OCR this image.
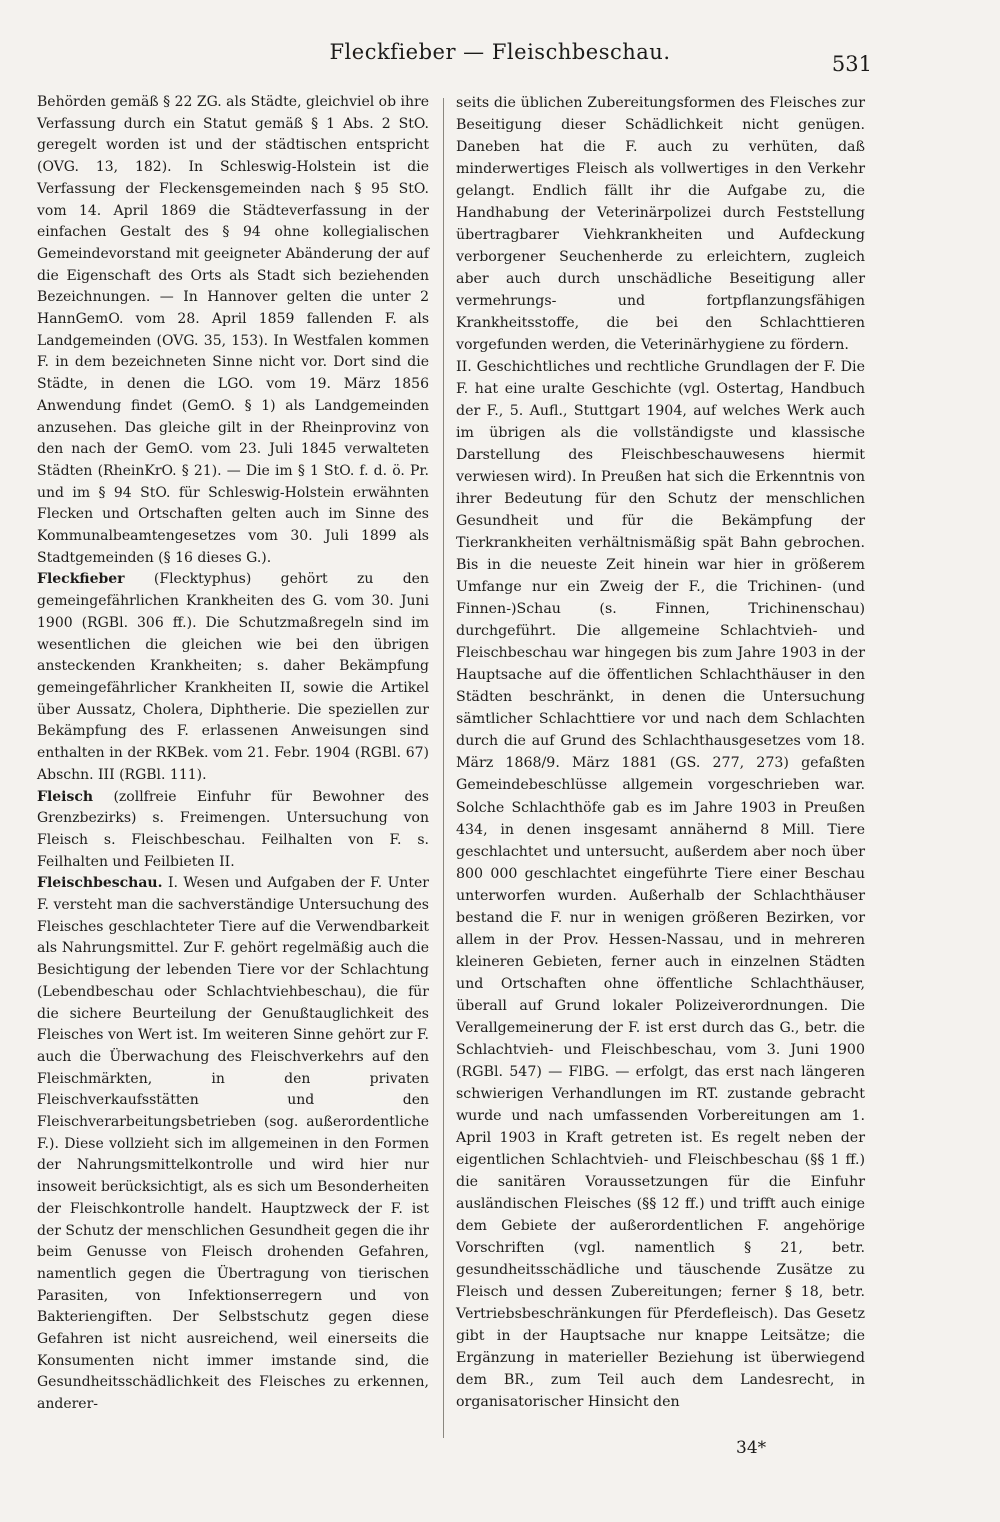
Fleckfieber — Fleischbeschau.	531

Behörden gemäß § 22 ZG. als Städte, gleichviel ob ihre Verfassung durch ein Statut gemäß § 1 Abs. 2 StO. geregelt worden ist und der städtischen entspricht (OVG. 13, 182). In Schleswig-Holstein ist die Verfassung der Fleckensgemeinden nach § 95 StO. vom 14. April 1869 die Städteverfassung in der einfachen Gestalt des § 94 ohne kollegialischen Gemeindevorstand mit geeigneter Abänderung der auf die Eigenschaft des Orts als Stadt sich beziehenden Bezeichnungen. — In Hannover gelten die unter 2 HannGemO. vom 28. April 1859 fallenden F. als Landgemeinden (OVG. 35, 153). In Westfalen kommen F. in dem bezeichneten Sinne nicht vor. Dort sind die Städte, in denen die LGO. vom 19. März 1856 Anwendung findet (GemO. § 1) als Landgemeinden anzusehen. Das gleiche gilt in der Rheinprovinz von den nach der GemO. vom 23. Juli 1845 verwalteten Städten (RheinKrO. § 21). — Die im § 1 StO. f. d. ö. Pr. und im § 94 StO. für Schleswig-Holstein erwähnten Flecken und Ortschaften gelten auch im Sinne des Kommunalbeamtengesetzes vom 30. Juli 1899 als Stadtgemeinden (§ 16 dieses G.).

Fleckfieber (Flecktyphus) gehört zu den gemeingefährlichen Krankheiten des G. vom 30. Juni 1900 (RGBl. 306 ff.). Die Schutzmaßregeln sind im wesentlichen die gleichen wie bei den übrigen ansteckenden Krankheiten; s. daher Bekämpfung gemeingefährlicher Krankheiten II, sowie die Artikel über Aussatz, Cholera, Diphtherie. Die speziellen zur Bekämpfung des F. erlassenen Anweisungen sind enthalten in der RKBek. vom 21. Febr. 1904 (RGBl. 67) Abschn. III (RGBl. 111).

Fleisch (zollfreie Einfuhr für Bewohner des Grenzbezirks) s. Freimengen. Untersuchung von Fleisch s. Fleischbeschau. Feilhalten von F. s. Feilhalten und Feilbieten II.

Fleischbeschau. I. Wesen und Aufgaben der F. Unter F. versteht man die sachverständige Untersuchung des Fleisches geschlachteter Tiere auf die Verwendbarkeit als Nahrungsmittel. Zur F. gehört regelmäßig auch die Besichtigung der lebenden Tiere vor der Schlachtung (Lebendbeschau oder Schlachtviehbeschau), die für die sichere Beurteilung der Genußtauglichkeit des Fleisches von Wert ist. Im weiteren Sinne gehört zur F. auch die Überwachung des Fleischverkehrs auf den Fleischmärkten, in den privaten Fleischverkaufsstätten und den Fleischverarbeitungsbetrieben (sog. außerordentliche F.). Diese vollzieht sich im allgemeinen in den Formen der Nahrungsmittelkontrolle und wird hier nur insoweit berücksichtigt, als es sich um Besonderheiten der Fleischkontrolle handelt. Hauptzweck der F. ist der Schutz der menschlichen Gesundheit gegen die ihr beim Genusse von Fleisch drohenden Gefahren, namentlich gegen die Übertragung von tierischen Parasiten, von Infektionserregern und von Bakteriengiften. Der Selbstschutz gegen diese Gefahren ist nicht ausreichend, weil einerseits die Konsumenten nicht immer imstande sind, die Gesundheitsschädlichkeit des Fleisches zu erkennen, anderer-

seits die üblichen Zubereitungsformen des Fleisches zur Beseitigung dieser Schädlichkeit nicht genügen. Daneben hat die F. auch zu verhüten, daß minderwertiges Fleisch als vollwertiges in den Verkehr gelangt. Endlich fällt ihr die Aufgabe zu, die Handhabung der Veterinärpolizei durch Feststellung übertragbarer Viehkrankheiten und Aufdeckung verborgener Seuchenherde zu erleichtern, zugleich aber auch durch unschädliche Beseitigung aller vermehrungs- und fortpflanzungsfähigen Krankheitsstoffe, die bei den Schlachttieren vorgefunden werden, die Veterinärhygiene zu fördern.

II. Geschichtliches und rechtliche Grundlagen der F. Die F. hat eine uralte Geschichte (vgl. Ostertag, Handbuch der F., 5. Aufl., Stuttgart 1904, auf welches Werk auch im übrigen als die vollständigste und klassische Darstellung des Fleischbeschauwesens hiermit verwiesen wird). In Preußen hat sich die Erkenntnis von ihrer Bedeutung für den Schutz der menschlichen Gesundheit und für die Bekämpfung der Tierkrankheiten verhältnismäßig spät Bahn gebrochen. Bis in die neueste Zeit hinein war hier in größerem Umfange nur ein Zweig der F., die Trichinen- (und Finnen-)Schau (s. Finnen, Trichinenschau) durchgeführt. Die allgemeine Schlachtvieh- und Fleischbeschau war hingegen bis zum Jahre 1903 in der Hauptsache auf die öffentlichen Schlachthäuser in den Städten beschränkt, in denen die Untersuchung sämtlicher Schlachttiere vor und nach dem Schlachten durch die auf Grund des Schlachthausgesetzes vom 18. März 1868/9. März 1881 (GS. 277, 273) gefaßten Gemeindebeschlüsse allgemein vorgeschrieben war. Solche Schlachthöfe gab es im Jahre 1903 in Preußen 434, in denen insgesamt annähernd 8 Mill. Tiere geschlachtet und untersucht, außerdem aber noch über 800 000 geschlachtet eingeführte Tiere einer Beschau unterworfen wurden. Außerhalb der Schlachthäuser bestand die F. nur in wenigen größeren Bezirken, vor allem in der Prov. Hessen-Nassau, und in mehreren kleineren Gebieten, ferner auch in einzelnen Städten und Ortschaften ohne öffentliche Schlachthäuser, überall auf Grund lokaler Polizeiverordnungen. Die Verallgemeinerung der F. ist erst durch das G., betr. die Schlachtvieh- und Fleischbeschau, vom 3. Juni 1900 (RGBl. 547) — FlBG. — erfolgt, das erst nach längeren schwierigen Verhandlungen im RT. zustande gebracht wurde und nach umfassenden Vorbereitungen am 1. April 1903 in Kraft getreten ist. Es regelt neben der eigentlichen Schlachtvieh- und Fleischbeschau (§§ 1 ff.) die sanitären Voraussetzungen für die Einfuhr ausländischen Fleisches (§§ 12 ff.) und trifft auch einige dem Gebiete der außerordentlichen F. angehörige Vorschriften (vgl. namentlich § 21, betr. gesundheitsschädliche und täuschende Zusätze zu Fleisch und dessen Zubereitungen; ferner § 18, betr. Vertriebsbeschränkungen für Pferdefleisch). Das Gesetz gibt in der Hauptsache nur knappe Leitsätze; die Ergänzung in materieller Beziehung ist überwiegend dem BR., zum Teil auch dem Landesrecht, in organisatorischer Hinsicht den

34*
